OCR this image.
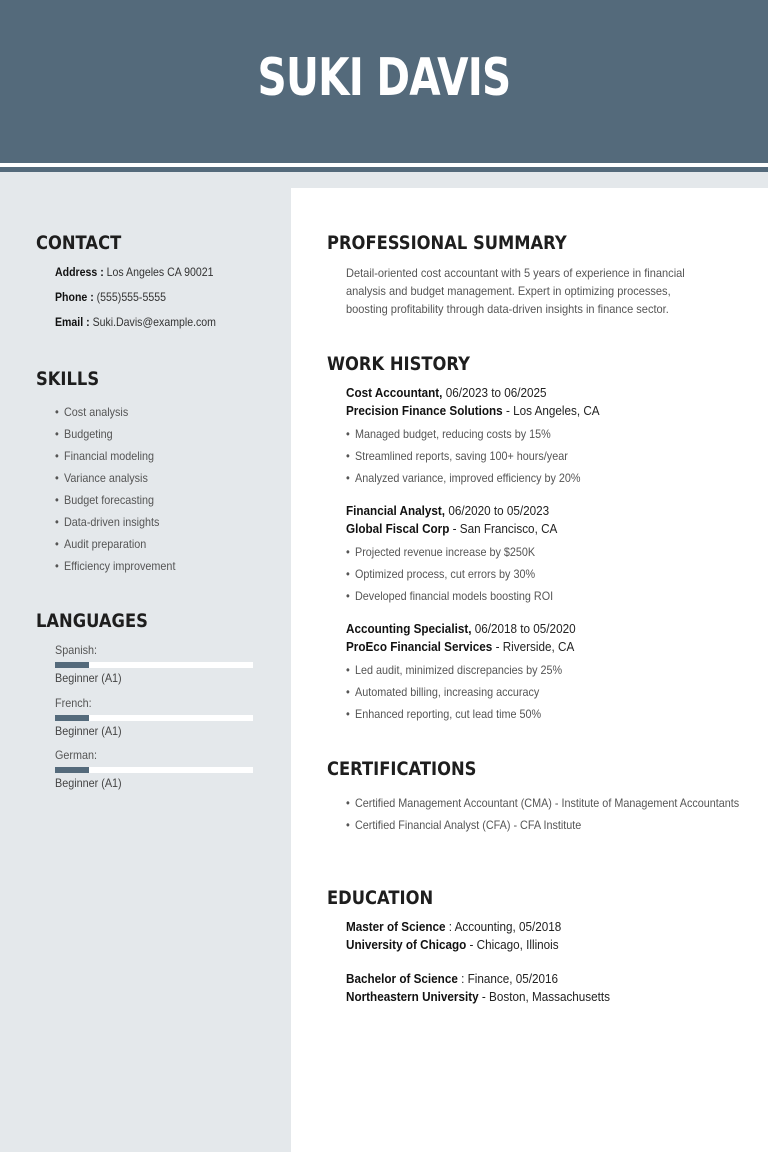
SUKI DAVIS
CONTACT
Address : Los Angeles CA 90021
Phone : (555)555-5555
Email : Suki.Davis@example.com
SKILLS
• Cost analysis
• Budgeting
• Financial modeling
• Variance analysis
• Budget forecasting
• Data-driven insights
• Audit preparation
• Efficiency improvement
LANGUAGES
Spanish:
Beginner (A1)
French:
Beginner (A1)
German:
Beginner (A1)
PROFESSIONAL SUMMARY
Detail-oriented cost accountant with 5 years of experience in financial analysis and budget management. Expert in optimizing processes, boosting profitability through data-driven insights in finance sector.
WORK HISTORY
Cost Accountant, 06/2023 to 06/2025
Precision Finance Solutions - Los Angeles, CA
• Managed budget, reducing costs by 15%
• Streamlined reports, saving 100+ hours/year
• Analyzed variance, improved efficiency by 20%
Financial Analyst, 06/2020 to 05/2023
Global Fiscal Corp - San Francisco, CA
• Projected revenue increase by $250K
• Optimized process, cut errors by 30%
• Developed financial models boosting ROI
Accounting Specialist, 06/2018 to 05/2020
ProEco Financial Services - Riverside, CA
• Led audit, minimized discrepancies by 25%
• Automated billing, increasing accuracy
• Enhanced reporting, cut lead time 50%
CERTIFICATIONS
• Certified Management Accountant (CMA) - Institute of Management Accountants
• Certified Financial Analyst (CFA) - CFA Institute
EDUCATION
Master of Science : Accounting, 05/2018
University of Chicago - Chicago, Illinois
Bachelor of Science : Finance, 05/2016
Northeastern University - Boston, Massachusetts
